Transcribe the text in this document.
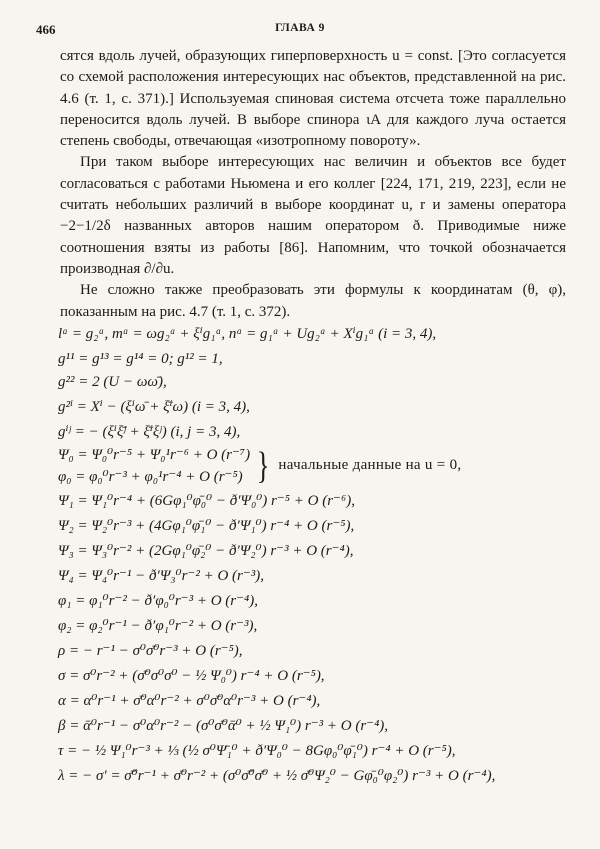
466	ГЛАВА 9

сятся вдоль лучей, образующих гиперповерхность u = const. [Это согласуется со схемой расположения интересующих нас объектов, представленной на рис. 4.6 (т. 1, с. 371).] Используемая спиновая система отсчета тоже параллельно переносится вдоль лучей. В выборе спинора ιA для каждого луча остается степень свободы, отвечающая «изотропному повороту».

При таком выборе интересующих нас величин и объектов все будет согласоваться с работами Ньюмена и его коллег [224, 171, 219, 223], если не считать небольших различий в выборе координат u, r и замены оператора −2−1/2δ названных авторов нашим оператором ð. Приводимые ниже соотношения взяты из работы [86]. Напомним, что точкой обозначается производная ∂/∂u.

Не сложно также преобразовать эти формулы к координатам (θ, φ), показанным на рис. 4.7 (т. 1, с. 372).

lᵃ = g₂ᵃ, mᵃ = ωg₂ᵃ + ξⁱg₁ᵃ, nᵃ = g₁ᵃ + Ug₂ᵃ + Xⁱg₁ᵃ (i = 3, 4),
g¹¹ = g¹³ = g¹⁴ = 0; g¹² = 1,
g²² = 2 (U − ωω̄),
g²ⁱ = Xⁱ − (ξⁱω̄ + ξ̄ⁱω) (i = 3, 4),
gⁱʲ = − (ξⁱξ̄ʲ + ξ̄ⁱξʲ) (i, j = 3, 4),
Ψ₀ = Ψ₀⁰r⁻⁵ + Ψ₀¹r⁻⁶ + O (r⁻⁷)
φ₀ = φ₀⁰r⁻³ + φ₀¹r⁻⁴ + O (r⁻⁵) } начальные данные на u = 0,
Ψ₁ = Ψ₁⁰r⁻⁴ + (6Gφ₁⁰φ̄₀⁰ − ð′Ψ₀⁰) r⁻⁵ + O (r⁻⁶),
Ψ₂ = Ψ₂⁰r⁻³ + (4Gφ₁⁰φ̄₁⁰ − ð′Ψ₁⁰) r⁻⁴ + O (r⁻⁵),
Ψ₃ = Ψ₃⁰r⁻² + (2Gφ₁⁰φ̄₂⁰ − ð′Ψ₂⁰) r⁻³ + O (r⁻⁴),
Ψ₄ = Ψ₄⁰r⁻¹ − ð′Ψ₃⁰r⁻² + O (r⁻³),
φ₁ = φ₁⁰r⁻² − ð′φ₀⁰r⁻³ + O (r⁻⁴),
φ₂ = φ₂⁰r⁻¹ − ð′φ₁⁰r⁻² + O (r⁻³),
ρ = − r⁻¹ − σ⁰σ̄⁰r⁻³ + O (r⁻⁵),
σ = σ⁰r⁻² + (σ̄⁰σ⁰σ⁰ − ½ Ψ₀⁰) r⁻⁴ + O (r⁻⁵),
α = α⁰r⁻¹ + σ̄⁰α⁰r⁻² + σ⁰σ̄⁰α⁰r⁻³ + O (r⁻⁴),
β = ᾱ⁰r⁻¹ − σ⁰α⁰r⁻² − (σ⁰σ̄⁰ᾱ⁰ + ½ Ψ₁⁰) r⁻³ + O (r⁻⁴),
τ = − ½ Ψ₁⁰r⁻³ + ⅓ (½ σ⁰Ψ̄₁⁰ + ð′Ψ₀⁰ − 8Gφ₀⁰φ̄₁⁰) r⁻⁴ + O (r⁻⁵),
λ = − σ′ = σ̄̇⁰r⁻¹ + σ̄⁰r⁻² + (σ⁰σ̄̇⁰σ̄⁰ + ½ σ̄⁰Ψ₂⁰ − Gφ̄₀⁰φ₂⁰) r⁻³ + O (r⁻⁴),
